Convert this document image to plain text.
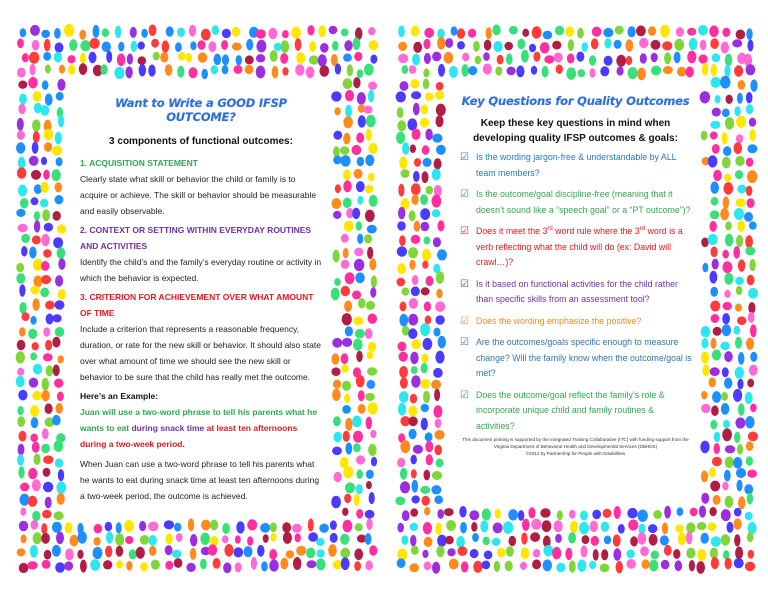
Want to Write a GOOD IFSP OUTCOME?
3 components of functional outcomes:
1. ACQUISITION STATEMENT
Clearly state what skill or behavior the child or family is to acquire or achieve. The skill or behavior should be measurable and easily observable.
2. CONTEXT OR SETTING WITHIN EVERYDAY ROUTINES AND ACTIVITIES
Identify the child’s and the family’s everyday routine or activity in which the behavior is expected.
3. CRITERION FOR ACHIEVEMENT OVER WHAT AMOUNT OF TIME
Include a criterion that represents a reasonable frequency, duration, or rate for the new skill or behavior. It should also state over what amount of time we should see the new skill or behavior to be sure that the child has really met the outcome.
Here’s an Example:
Juan will use a two-word phrase to tell his parents what he wants to eat during snack time at least ten afternoons during a two-week period.
When Juan can use a two-word phrase to tell his parents what he wants to eat during snack time at least ten afternoons during a two-week period, the outcome is achieved.
Key Questions for Quality Outcomes
Keep these key questions in mind when developing quality IFSP outcomes & goals:
☑ Is the wording jargon-free & understandable by ALL team members?
☑ Is the outcome/goal discipline-free (meaning that it doesn’t sound like a “speech goal” or a “PT outcome”)?
☑ Does it meet the 3rd word rule where the 3rd word is a verb reflecting what the child will do (ex: David will crawl…)?
☑ Is it based on functional activities for the child rather than specific skills from an assessment tool?
☑ Does the wording emphasize the positive?
☑ Are the outcomes/goals specific enough to measure change? Will the family know when the outcome/goal is met?
☑ Does the outcome/goal reflect the family’s role & incorporate unique child and family routines & activities?
This document printing is supported by the Integrated Training Collaborative (ITC) with funding support from the Virginia Department of Behavioral Health and Developmental Services (DBHDS)
©2012 by Partnership for People with Disabilities
